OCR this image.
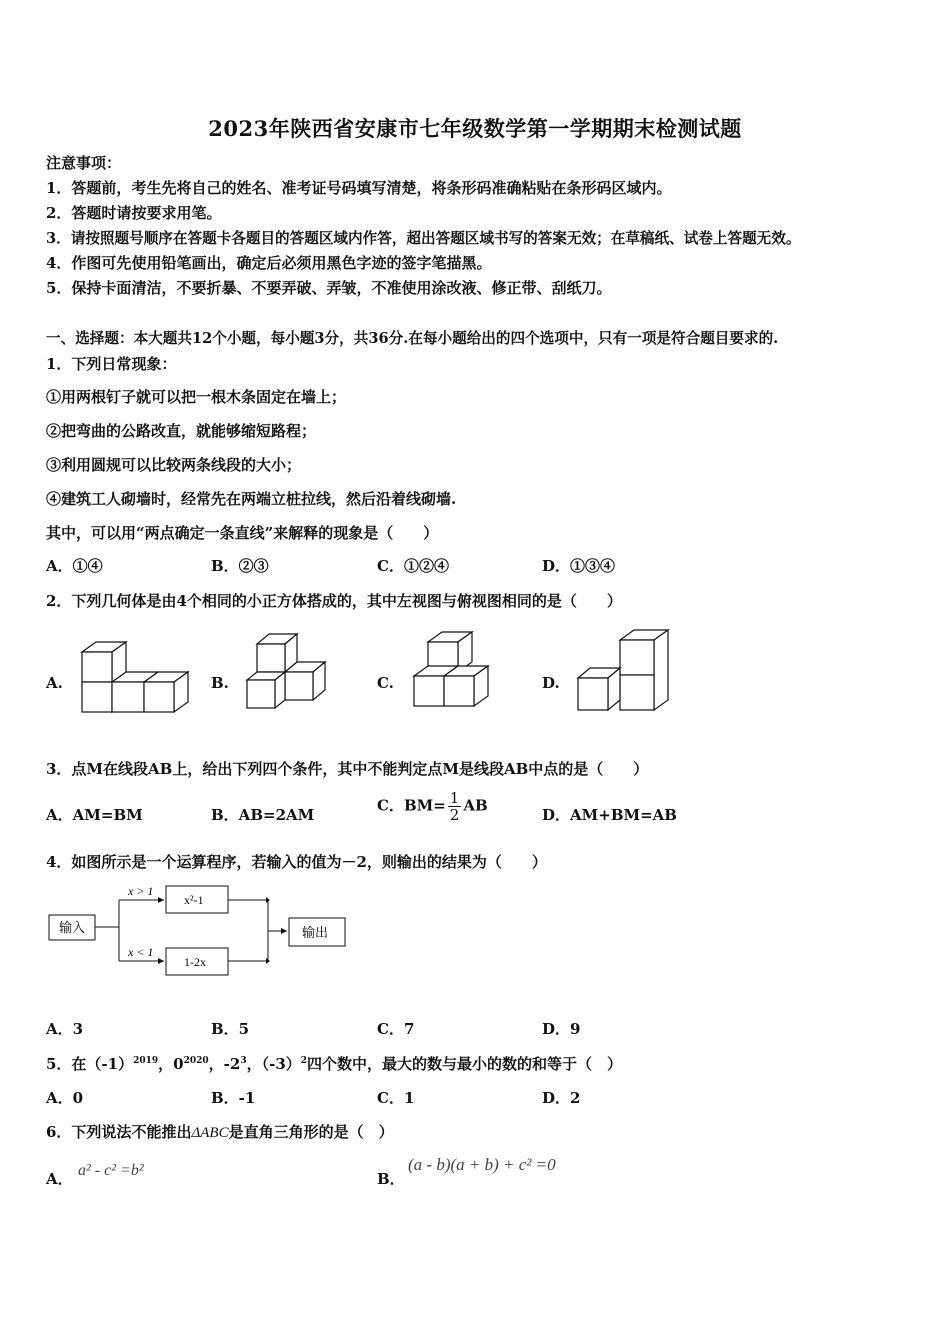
2023年陕西省安康市七年级数学第一学期期末检测试题
注意事项：
1．答题前，考生先将自己的姓名、准考证号码填写清楚，将条形码准确粘贴在条形码区域内。
2．答题时请按要求用笔。
3．请按照题号顺序在答题卡各题目的答题区域内作答，超出答题区域书写的答案无效；在草稿纸、试卷上答题无效。
4．作图可先使用铅笔画出，确定后必须用黑色字迹的签字笔描黑。
5．保持卡面清洁，不要折暴、不要弄破、弄皱，不准使用涂改液、修正带、刮纸刀。
一、选择题：本大题共12个小题，每小题3分，共36分.在每小题给出的四个选项中，只有一项是符合题目要求的.
1．下列日常现象：
①用两根钉子就可以把一根木条固定在墙上；
②把弯曲的公路改直，就能够缩短路程；
③利用圆规可以比较两条线段的大小；
④建筑工人砌墙时，经常先在两端立桩拉线，然后沿着线砌墙.
其中，可以用“两点确定一条直线”来解释的现象是（　　）
A．①④	B．②③	C．①②④	D．①③④
2．下列几何体是由4个相同的小正方体搭成的，其中左视图与俯视图相同的是（　　）
A.	B.	C.	D.
3．点M在线段AB上，给出下列四个条件，其中不能判定点M是线段AB中点的是（　　）
A．AM=BM	B．AB=2AM
C．$BM= \frac{1}{2}$ AB
D．AM+BM=AB
4．如图所示是一个运算程序，若输入的值为－2，则输出的结果为（　　）
输入	输出
x > 1
x < 1
x²-1
1-2x
A．3	B．5	C．7	D．9
5．在$(-1)^{2019}$，$0^{2020}$，$-2^3$，$(-3)^2$四个数中，最大的数与最小的数的和等于（　）
A．0	B．-1	C．1	D．2
6．下列说法不能推出ΔABC是直角三角形的是（　）
A． a² - c² =b²	B．
(a - b)(a + b) + c² =0
